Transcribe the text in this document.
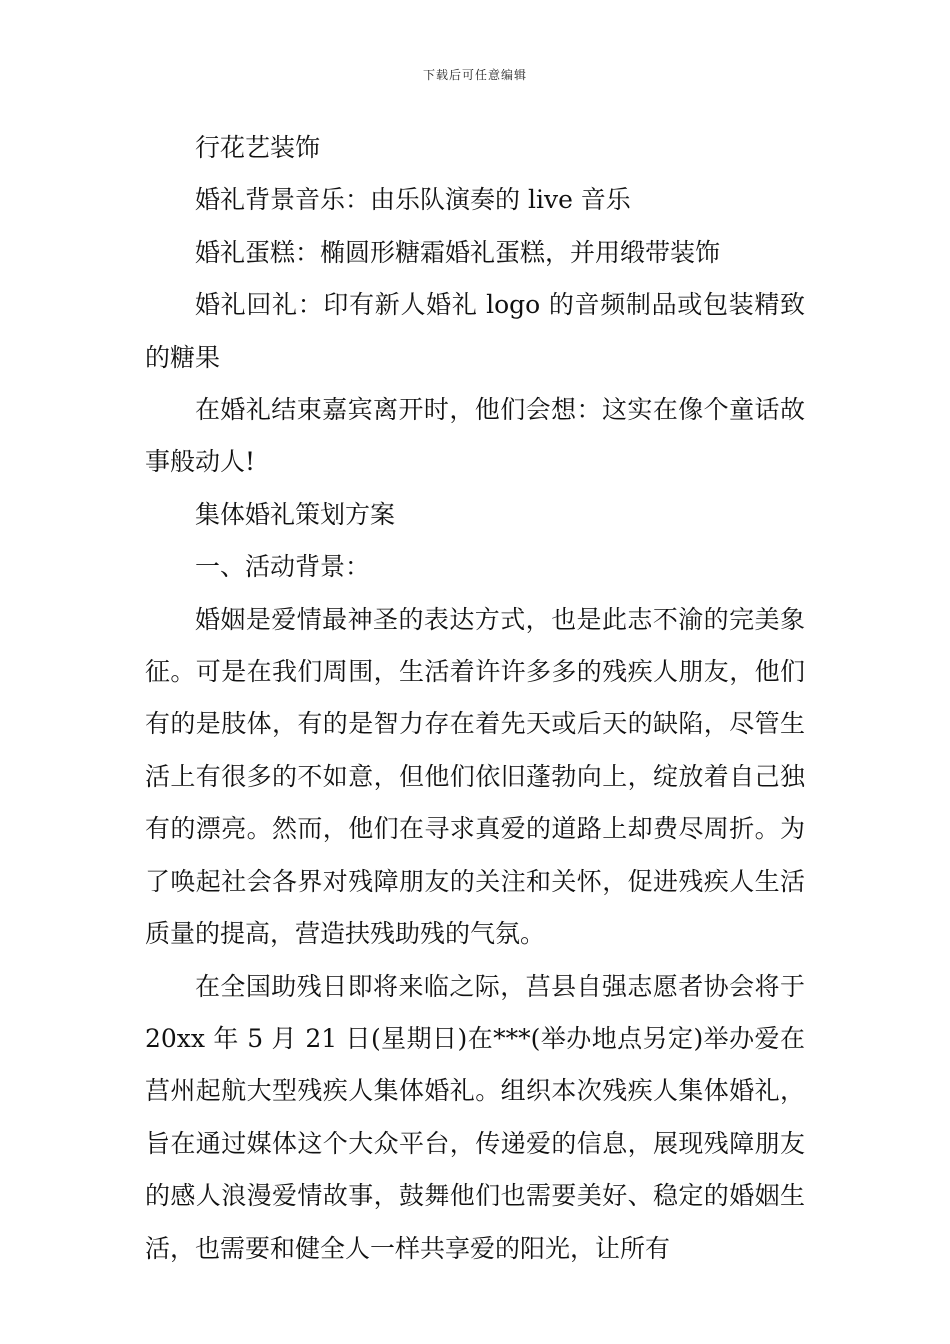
下载后可任意编辑

行花艺装饰

婚礼背景音乐：由乐队演奏的 live 音乐

婚礼蛋糕：椭圆形糖霜婚礼蛋糕，并用缎带装饰

婚礼回礼：印有新人婚礼 logo 的音频制品或包装精致的糖果

在婚礼结束嘉宾离开时，他们会想：这实在像个童话故事般动人!

集体婚礼策划方案

一、活动背景：

婚姻是爱情最神圣的表达方式，也是此志不渝的完美象征。可是在我们周围，生活着许许多多的残疾人朋友，他们有的是肢体，有的是智力存在着先天或后天的缺陷，尽管生活上有很多的不如意，但他们依旧蓬勃向上，绽放着自己独有的漂亮。然而，他们在寻求真爱的道路上却费尽周折。为了唤起社会各界对残障朋友的关注和关怀，促进残疾人生活质量的提高，营造扶残助残的气氛。

在全国助残日即将来临之际，莒县自强志愿者协会将于 20xx 年 5 月 21 日(星期日)在***(举办地点另定)举办爱在莒州起航大型残疾人集体婚礼。组织本次残疾人集体婚礼，旨在通过媒体这个大众平台，传递爱的信息，展现残障朋友的感人浪漫爱情故事，鼓舞他们也需要美好、稳定的婚姻生活，也需要和健全人一样共享爱的阳光，让所有
